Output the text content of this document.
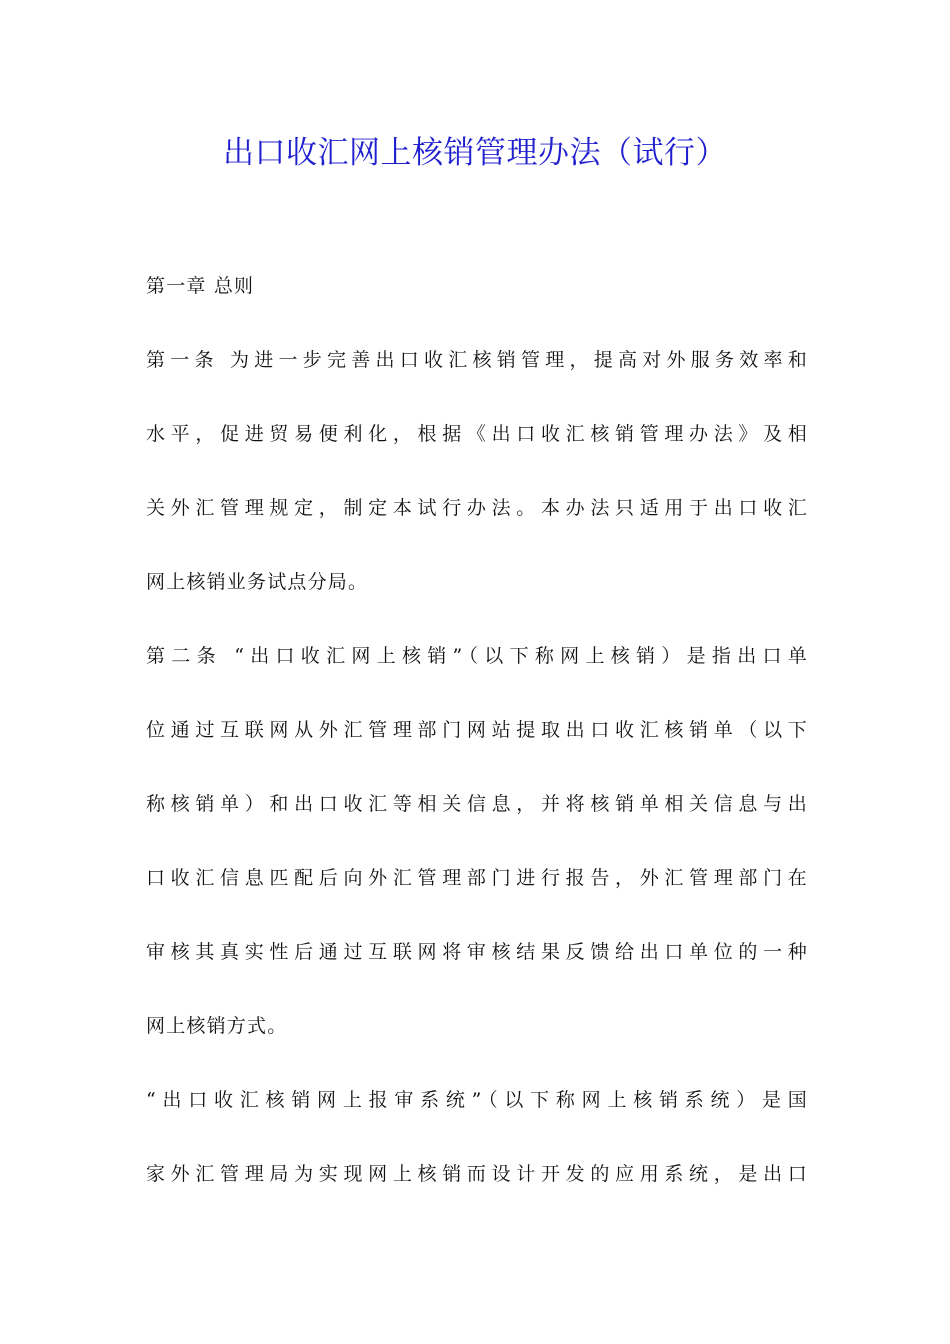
出口收汇网上核销管理办法（试行）
第一章 总则
第一条 为进一步完善出口收汇核销管理，提高对外服务效率和
水平，促进贸易便利化，根据《出口收汇核销管理办法》及相
关外汇管理规定，制定本试行办法。本办法只适用于出口收汇
网上核销业务试点分局。
第二条 “出口收汇网上核销”（以下称网上核销）是指出口单
位通过互联网从外汇管理部门网站提取出口收汇核销单（以下
称核销单）和出口收汇等相关信息，并将核销单相关信息与出
口收汇信息匹配后向外汇管理部门进行报告，外汇管理部门在
审核其真实性后通过互联网将审核结果反馈给出口单位的一种
网上核销方式。
“出口收汇核销网上报审系统”（以下称网上核销系统）是国
家外汇管理局为实现网上核销而设计开发的应用系统，是出口
